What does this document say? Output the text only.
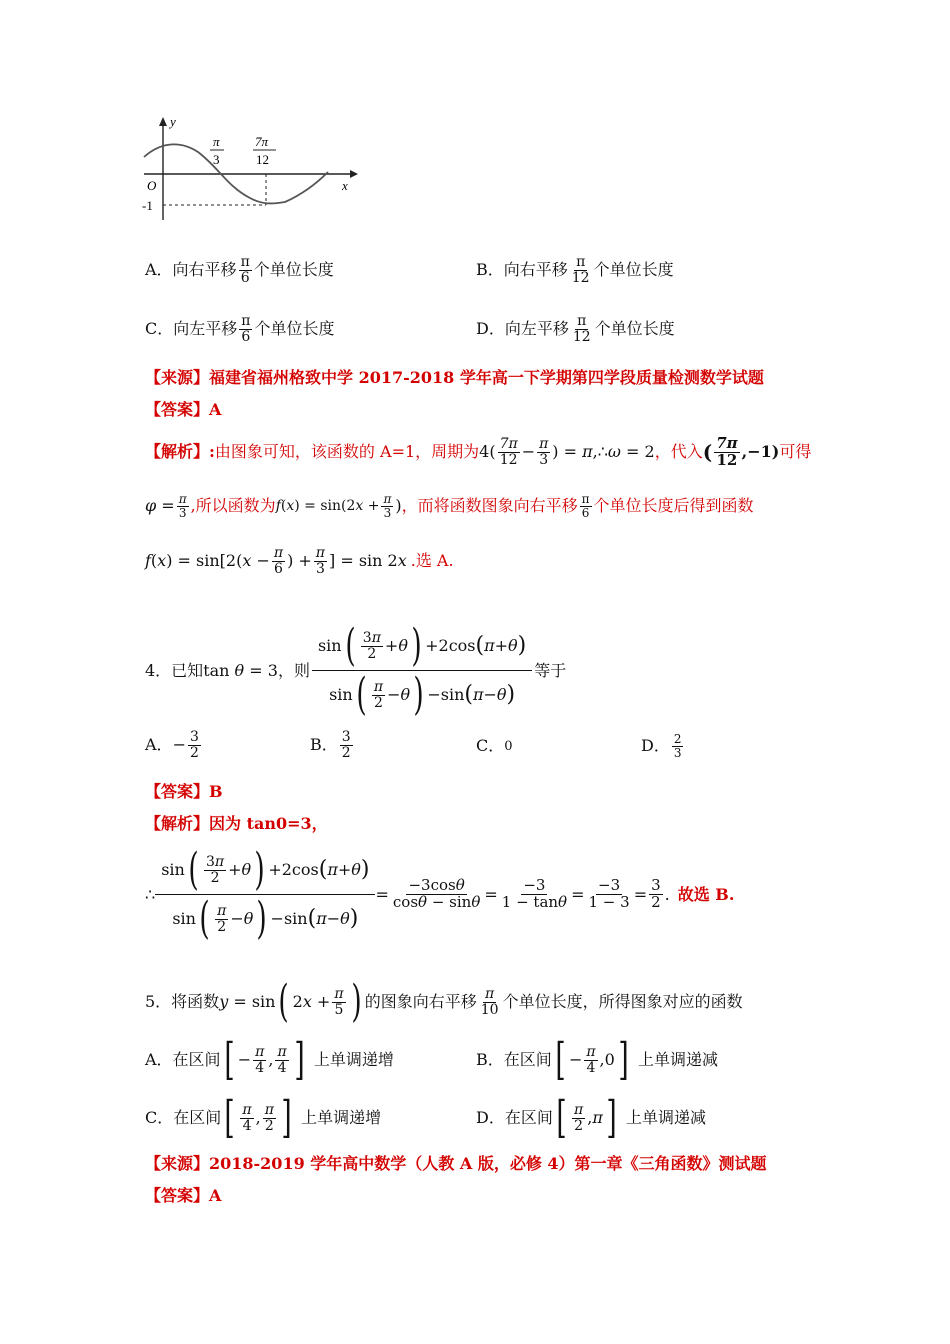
y
x
O
-1
π
3
7π
12
A．向右平移 $\frac{\pi}{6}$ 个单位长度	B．向右平移 $\frac{\pi}{12}$ 个单位长度
C．向左平移 $\frac{\pi}{6}$ 个单位长度	D．向左平移 $\frac{\pi}{12}$ 个单位长度
【来源】福建省福州格致中学 2017-2018 学年高一下学期第四学段质量检测数学试题
【答案】A
【解析】: 由图象可知，该函数的 A=1，周期为 $4( \frac{7\pi}{12} - \frac{\pi}{3}$ ) = π,∴ω = 2 ，代入 ( $\frac{7\pi}{12} ,-1$) 可得
$\varphi = \frac{\pi}{3}$ ,所以函数为 $f(x) = \sin(2x + \frac{\pi}{3}$ ) ，而将函数图象向右平移 $\frac{\pi}{6}$ 个单位长度后得到函数
$f(x) = \sin[2(x - \frac{\pi}{6}$ ) + $\frac{\pi}{3}$ ] = sin 2x .选 A.
4．已知 tan θ = 3 ，则
sin ( $\frac{3\pi}{2} + \theta$ ) +2cos ( π + θ )
sin ( $\frac{\pi}{2} - \theta$ ) −sin ( π − θ )
等于
A． − $\frac{3}{2}$	B． $\frac{3}{2}$	C． 0	D． $\frac{2}{3}$
【答案】B
【解析】因为 tan0=3，
∴ $\frac{\sin ( \frac{3\pi}{2} + \theta ) +2\cos ( \pi + \theta )}{\sin ( \frac{\pi}{2} - \theta ) -\sin ( \pi - \theta )} = \frac{-3\cos\theta}{\cos\theta - \sin\theta} = \frac{-3}{1 - \tan\theta} = \frac{-3}{1 - 3} = \frac{3}{2}$ . 故选 B.
5．将函数 y = sin ( $2x + \frac{\pi}{5}$ ) 的图象向右平移 $\frac{\pi}{10}$ 个单位长度，所得图象对应的函数
A．在区间 [ − $\frac{\pi}{4}$ , $\frac{\pi}{4}$ ] 上单调递增	B．在区间 [ − $\frac{\pi}{4} ,0$ ] 上单调递减
C．在区间 [ $\frac{\pi}{4}$ , $\frac{\pi}{2}$ ] 上单调递增	D．在区间 [ $\frac{\pi}{2}$ , π ] 上单调递减
【来源】2018-2019 学年高中数学（人教 A 版，必修 4）第一章《三角函数》测试题
【答案】A
